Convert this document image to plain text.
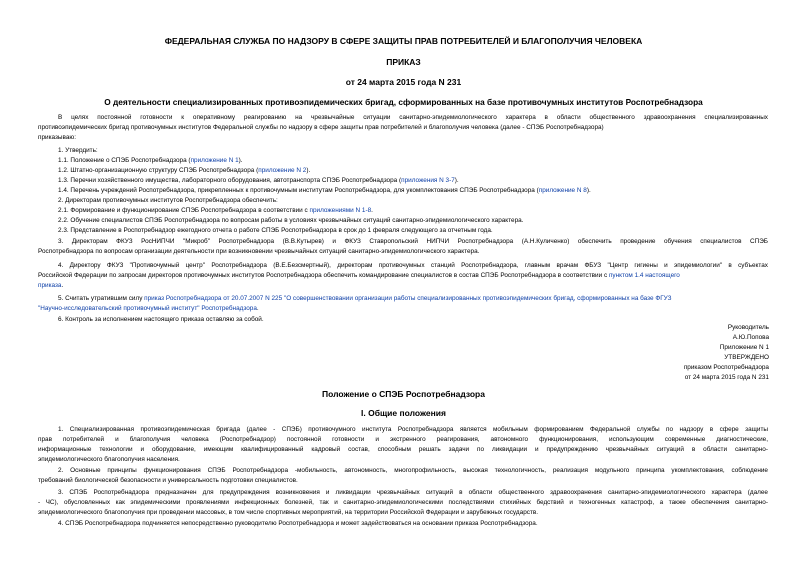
ФЕДЕРАЛЬНАЯ СЛУЖБА ПО НАДЗОРУ В СФЕРЕ ЗАЩИТЫ ПРАВ ПОТРЕБИТЕЛЕЙ И БЛАГОПОЛУЧИЯ ЧЕЛОВЕКА
ПРИКАЗ
от 24 марта 2015 года N 231
О деятельности специализированных противоэпидемических бригад, сформированных на базе противочумных институтов Роспотребнадзора
В целях постоянной готовности к оперативному реагированию на чрезвычайные ситуации санитарно-эпидемиологического характера в области общественного здравоохранения специализированных
противоэпидемических бригад противочумных институтов Федеральной службы по надзору в сфере защиты прав потребителей и благополучия человека (далее - СПЭБ Роспотребнадзора)
приказываю:
1. Утвердить:
1.1. Положение о СПЭБ Роспотребнадзора (приложение N 1).
1.2. Штатно-организационную структуру СПЭБ Роспотребнадзора (приложение N 2).
1.3. Перечни хозяйственного имущества, лабораторного оборудования, автотранспорта СПЭБ Роспотребнадзора (приложения N 3-7).
1.4. Перечень учреждений Роспотребнадзора, прикрепленных к противочумным институтам Роспотребнадзора, для укомплектования СПЭБ Роспотребнадзора (приложение N 8).
2. Директорам противочумных институтов Роспотребнадзора обеспечить:
2.1. Формирование и функционирование СПЭБ Роспотребнадзора в соответствии с приложениями N 1-8.
2.2. Обучение специалистов СПЭБ Роспотребнадзора по вопросам работы в условиях чрезвычайных ситуаций санитарно-эпидемиологического характера.
2.3. Представление в Роспотребнадзор ежегодного отчета о работе СПЭБ Роспотребнадзора в срок до 1 февраля следующего за отчетным года.
3. Директорам ФКУЗ РосНИПЧИ "Микроб" Роспотребнадзора (В.В.Кутырев) и ФКУЗ Ставропольский НИПЧИ Роспотребнадзора (А.Н.Куличенко) обеспечить проведение обучения специалистов СПЭБ
Роспотребнадзора по вопросам организации деятельности при возникновении чрезвычайных ситуаций санитарно-эпидемиологического характера.
4. Директору ФКУЗ "Противочумный центр" Роспотребнадзора (В.Е.Безсмертный), директорам противочумных станций Роспотребнадзора, главным врачам ФБУЗ "Центр гигиены и эпидемиологии" в субъектах
Российской Федерации по запросам директоров противочумных институтов Роспотребнадзора обеспечить командирование специалистов в состав СПЭБ Роспотребнадзора в соответствии с пунктом 1.4 настоящего
приказа.
5. Считать утратившим силу приказ Роспотребнадзора от 20.07.2007 N 225 "О совершенствовании организации работы специализированных противоэпидемических бригад, сформированных на базе ФГУЗ
"Научно-исследовательский противочумный институт" Роспотребнадзора.
6. Контроль за исполнением настоящего приказа оставляю за собой.
Руководитель
А.Ю.Попова
Приложение N 1
УТВЕРЖДЕНО
приказом Роспотребнадзора
от 24 марта 2015 года N 231
Положение о СПЭБ Роспотребнадзора
I. Общие положения
1. Специализированная противоэпидемическая бригада (далее - СПЭБ) противочумного института Роспотребнадзора является мобильным формированием Федеральной службы по надзору в сфере защиты
прав потребителей и благополучия человека (Роспотребнадзор) постоянной готовности и экстренного реагирования, автономного функционирования, использующим современные диагностические,
информационные технологии и оборудование, имеющим квалифицированный кадровый состав, способным решать задачи по ликвидации и предупреждению чрезвычайных ситуаций в области санитарно-
эпидемиологического благополучия населения.
2. Основные принципы функционирования СПЭБ Роспотребнадзора -мобильность, автономность, многопрофильность, высокая технологичность, реализация модульного принципа укомплектования, соблюдение
требований биологической безопасности и универсальность подготовки специалистов.
3. СПЭБ Роспотребнадзора предназначен для предупреждения возникновения и ликвидации чрезвычайных ситуаций в области общественного здравоохранения санитарно-эпидемиологического характера (далее
- ЧС), обусловленных как эпидемическими проявлениями инфекционных болезней, так и санитарно-эпидемиологическими последствиями стихийных бедствий и техногенных катастроф, а также обеспечения санитарно-
эпидемиологического благополучия при проведении массовых, в том числе спортивных мероприятий, на территории Российской Федерации и зарубежных государств.
4. СПЭБ Роспотребнадзора подчиняется непосредственно руководителю Роспотребнадзора и может задействоваться на основании приказа Роспотребнадзора.
